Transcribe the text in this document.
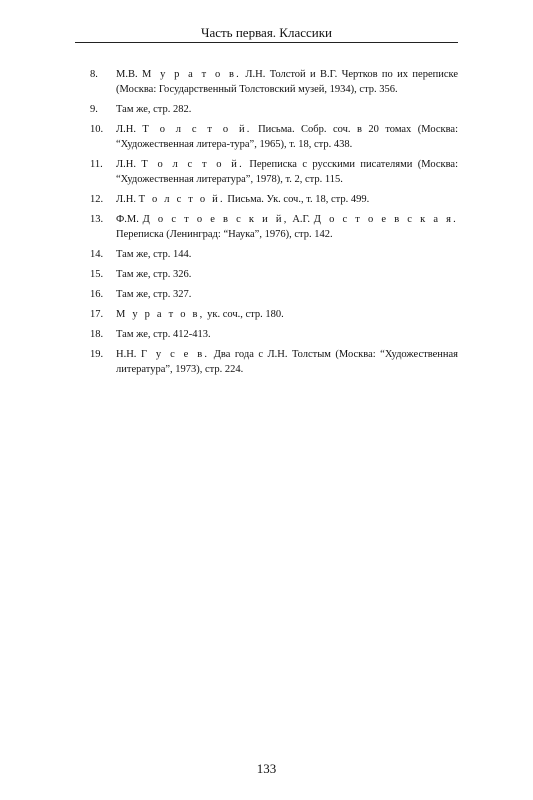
Часть первая. Классики
8. М.В. М у р а т о в. Л.Н. Толстой и В.Г. Чертков по их переписке (Москва: Государственный Толстовский музей, 1934), стр. 356.
9. Там же, стр. 282.
10. Л.Н. Т о л с т о й. Письма. Собр. соч. в 20 томах (Москва: “Художественная литера-тура”, 1965), т. 18, стр. 438.
11. Л.Н. Т о л с т о й. Переписка с русскими писателями (Москва: “Художественная литература”, 1978), т. 2, стр. 115.
12. Л.Н. Т о л с т о й. Письма. Ук. соч., т. 18, стр. 499.
13. Ф.М. Д о с т о е в с к и й, А.Г. Д о с т о е в с к а я. Переписка (Ленинград: “Наука”, 1976), стр. 142.
14. Там же, стр. 144.
15. Там же, стр. 326.
16. Там же, стр. 327.
17. М у р а т о в, ук. соч., стр. 180.
18. Там же, стр. 412-413.
19. Н.Н. Г у с е в. Два года с Л.Н. Толстым (Москва: “Художественная литература”, 1973), стр. 224.
133
